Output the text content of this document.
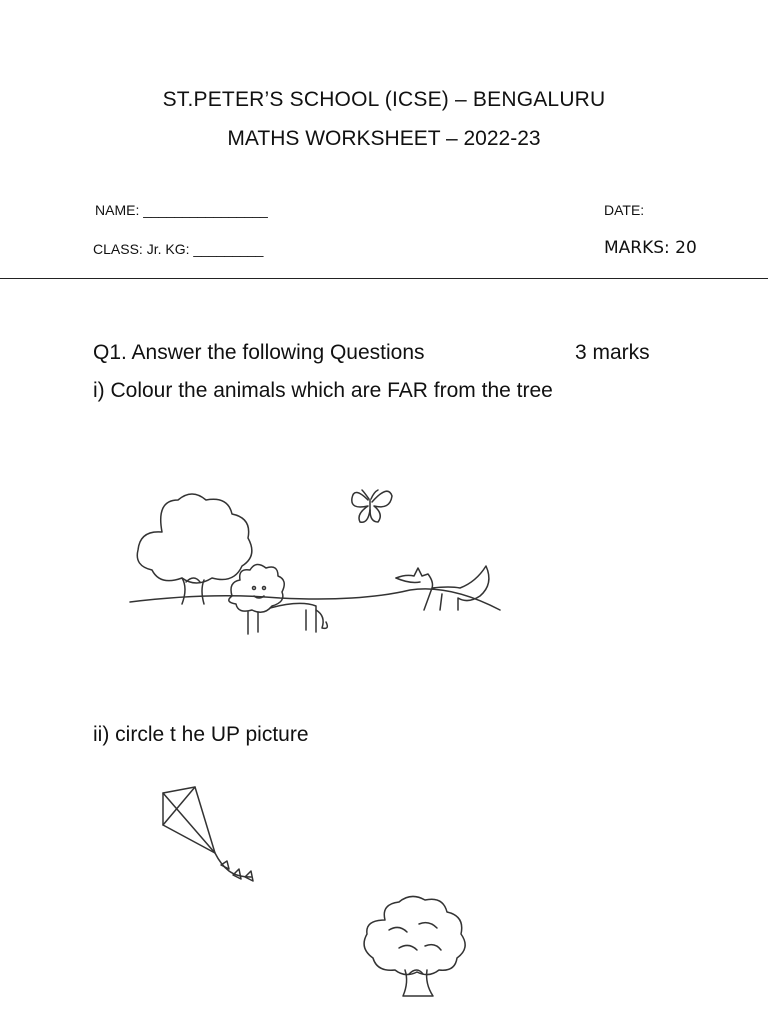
ST.PETER’S SCHOOL (ICSE) – BENGALURU
MATHS WORKSHEET – 2022-23
NAME: ________________	DATE:
CLASS: Jr. KG: _________	MARKS: 20
Q1. Answer the following Questions	3 marks
i) Colour the animals which are FAR from the tree
ii) circle t he UP picture
